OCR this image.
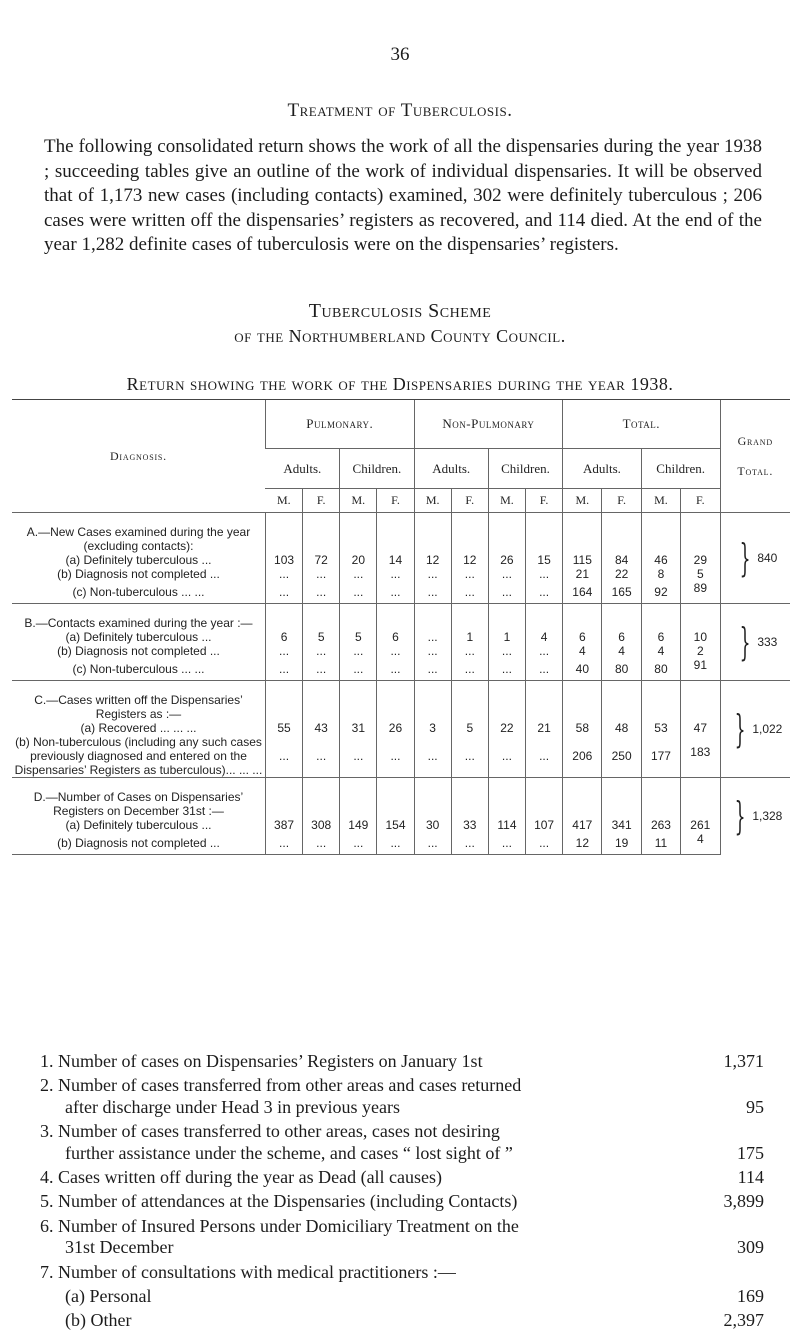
36
Treatment of Tuberculosis.
The following consolidated return shows the work of all the dispensaries during the year 1938 ; succeeding tables give an outline of the work of individual dispensaries. It will be observed that of 1,173 new cases (including contacts) examined, 302 were definitely tuberculous ; 206 cases were written off the dispensaries’ registers as recovered, and 114 died. At the end of the year 1,282 definite cases of tuberculosis were on the dispensaries’ registers.
Tuberculosis Scheme
of the Northumberland County Council.
Return showing the work of the Dispensaries during the year 1938.
Diagnosis.	Pulmonary.				Non-Pulmonary				Total.				Grand Total.
	Adults.		Children.		Adults.		Children.		Adults.		Children.		
	M.	F.	M.	F.	M.	F.	M.	F.	M.	F.	M.	F.	
A.—New Cases examined during the year (excluding contacts):													} 840
(a) Definitely tuberculous ...	103	72	20	14	12	12	26	15	115	84	46	29	
(b) Diagnosis not completed ...	...	...	...	...	...	...	...	...	21	22	8	5	
(c) Non-tuberculous ... ...	...	...	...	...	...	...	...	...	164	165	92	89	
B.—Contacts examined during the year :—													} 333
(a) Definitely tuberculous ...	6	5	5	6	...	1	1	4	6	6	6	10	
(b) Diagnosis not completed ...	...	...	...	...	...	...	...	...	4	4	4	2	
(c) Non-tuberculous ... ...	...	...	...	...	...	...	...	...	40	80	80	91	
C.—Cases written off the Dispensaries’ Registers as :—													} 1,022
(a) Recovered ... ... ...	55	43	31	26	3	5	22	21	58	48	53	47	
(b) Non-tuberculous (including any such cases previously diagnosed and entered on the Dispensaries’ Registers as tuberculous)... ... ...	...	...	...	...	...	...	...	...	206	250	177	183	
D.—Number of Cases on Dispensaries’ Registers on December 31st :—													} 1,328
(a) Definitely tuberculous ...	387	308	149	154	30	33	114	107	417	341	263	261	
(b) Diagnosis not completed ...	...	...	...	...	...	...	...	...	12	19	11	4	
1. Number of cases on Dispensaries’ Registers on January 1st	1,371
2. Number of cases transferred from other areas and cases returned
after discharge under Head 3 in previous years	95
3. Number of cases transferred to other areas, cases not desiring
further assistance under the scheme, and cases “ lost sight of ”	175
4. Cases written off during the year as Dead (all causes)	114
5. Number of attendances at the Dispensaries (including Contacts)	3,899
6. Number of Insured Persons under Domiciliary Treatment on the
31st December	309
7. Number of consultations with medical practitioners :—
(a) Personal	169
(b) Other	2,397
